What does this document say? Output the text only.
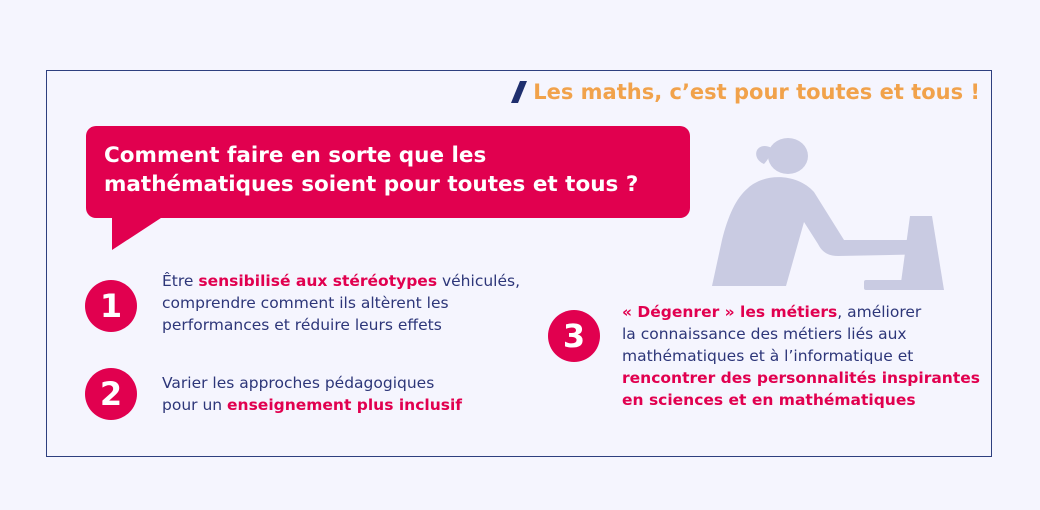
Les maths, c’est pour toutes et tous !
Comment faire en sorte que les
mathématiques soient pour toutes et tous ?
1
Être sensibilisé aux stéréotypes véhiculés,
comprendre comment ils altèrent les
performances et réduire leurs effets
2	Varier les approches pédagogiques
pour un enseignement plus inclusif
3
« Dégenrer » les métiers, améliorer
la connaissance des métiers liés aux
mathématiques et à l’informatique et
rencontrer des personnalités inspirantes
en sciences et en mathématiques
